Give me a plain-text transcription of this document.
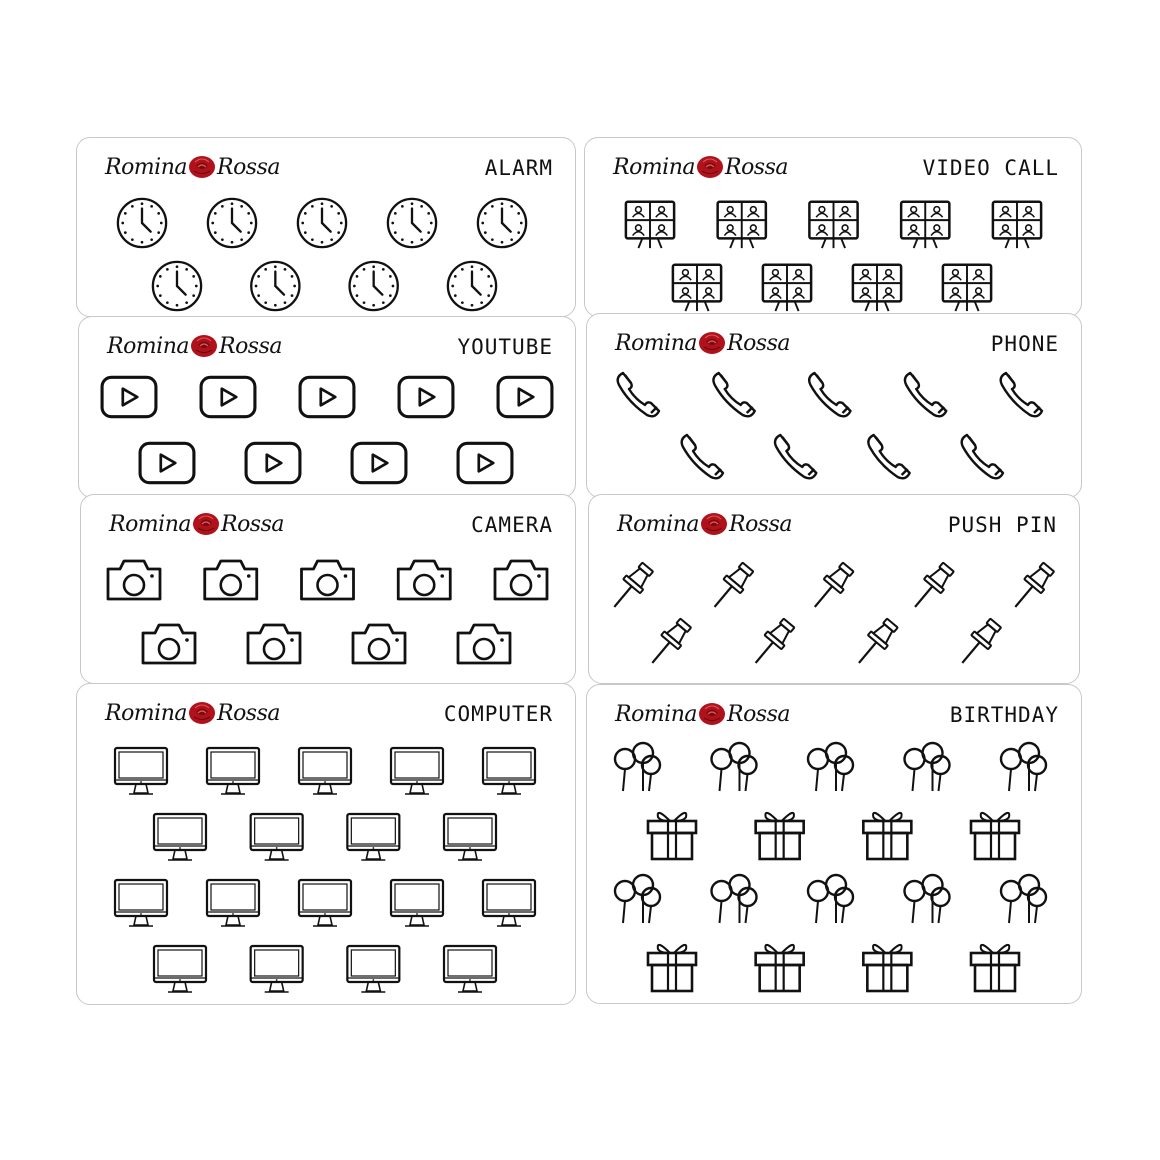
Romina Rossa	ALARM	Romina Rossa	VIDEO CALL
Romina Rossa	YOUTUBE	Romina Rossa	PHONE
Romina Rossa	CAMERA	Romina Rossa	PUSH PIN
Romina Rossa	COMPUTER	Romina Rossa	BIRTHDAY
